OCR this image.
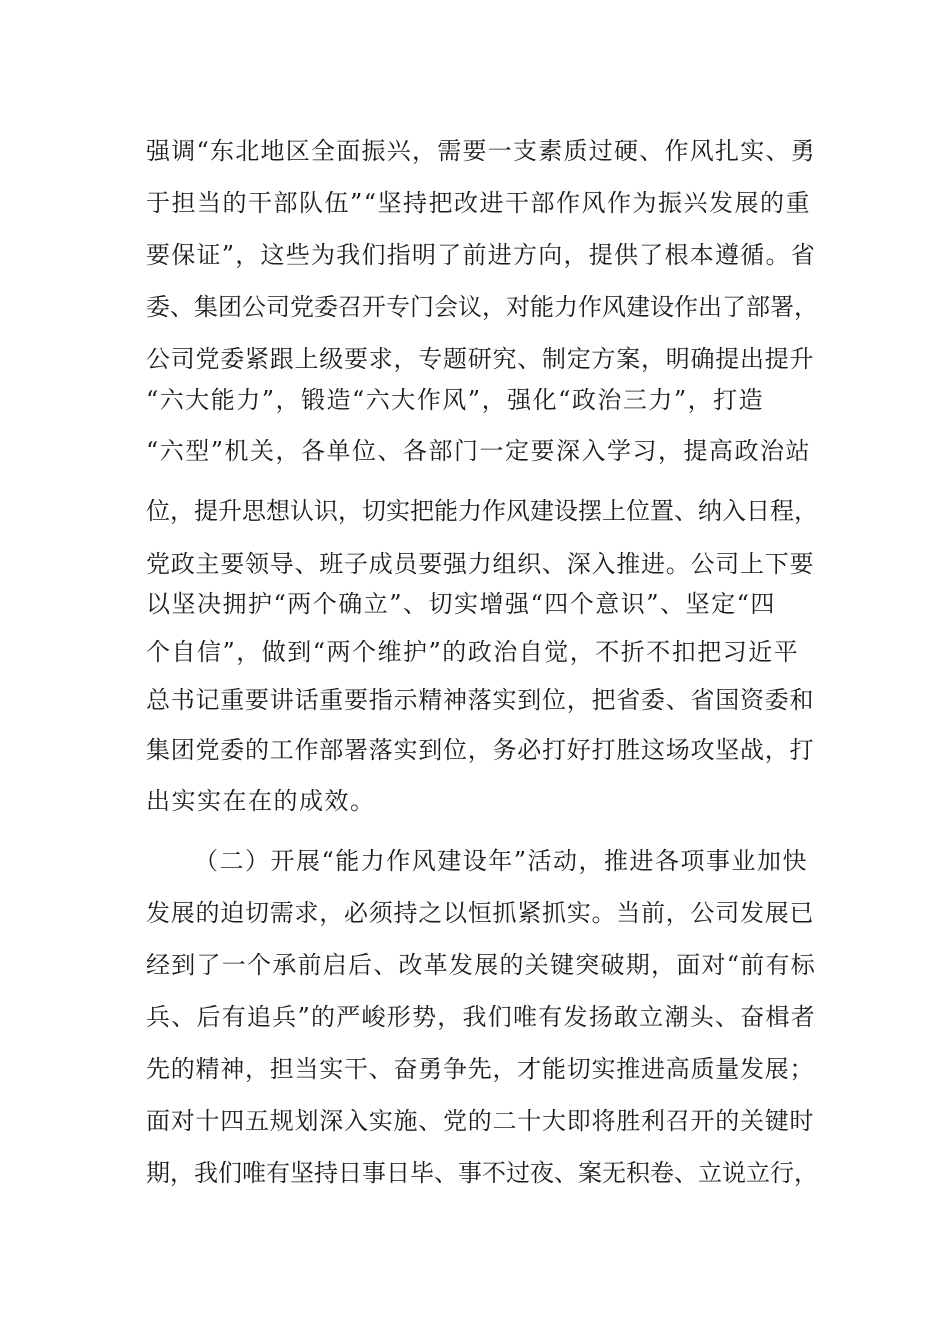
强调“东北地区全面振兴，需要一支素质过硬、作风扎实、勇
于担当的干部队伍”“坚持把改进干部作风作为振兴发展的重
要保证”，这些为我们指明了前进方向，提供了根本遵循。省
委、集团公司党委召开专门会议，对能力作风建设作出了部署，
公司党委紧跟上级要求，专题研究、制定方案，明确提出提升
“六大能力”，锻造“六大作风”，强化“政治三力”，打造
“六型”机关，各单位、各部门一定要深入学习，提高政治站
位，提升思想认识，切实把能力作风建设摆上位置、纳入日程，
党政主要领导、班子成员要强力组织、深入推进。公司上下要
以坚决拥护“两个确立”、切实增强“四个意识”、坚定“四
个自信”，做到“两个维护”的政治自觉，不折不扣把习近平
总书记重要讲话重要指示精神落实到位，把省委、省国资委和
集团党委的工作部署落实到位，务必打好打胜这场攻坚战，打
出实实在在的成效。
（二）开展“能力作风建设年”活动，推进各项事业加快
发展的迫切需求，必须持之以恒抓紧抓实。当前，公司发展已
经到了一个承前启后、改革发展的关键突破期，面对“前有标
兵、后有追兵”的严峻形势，我们唯有发扬敢立潮头、奋楫者
先的精神，担当实干、奋勇争先，才能切实推进高质量发展；
面对十四五规划深入实施、党的二十大即将胜利召开的关键时
期，我们唯有坚持日事日毕、事不过夜、案无积卷、立说立行，
